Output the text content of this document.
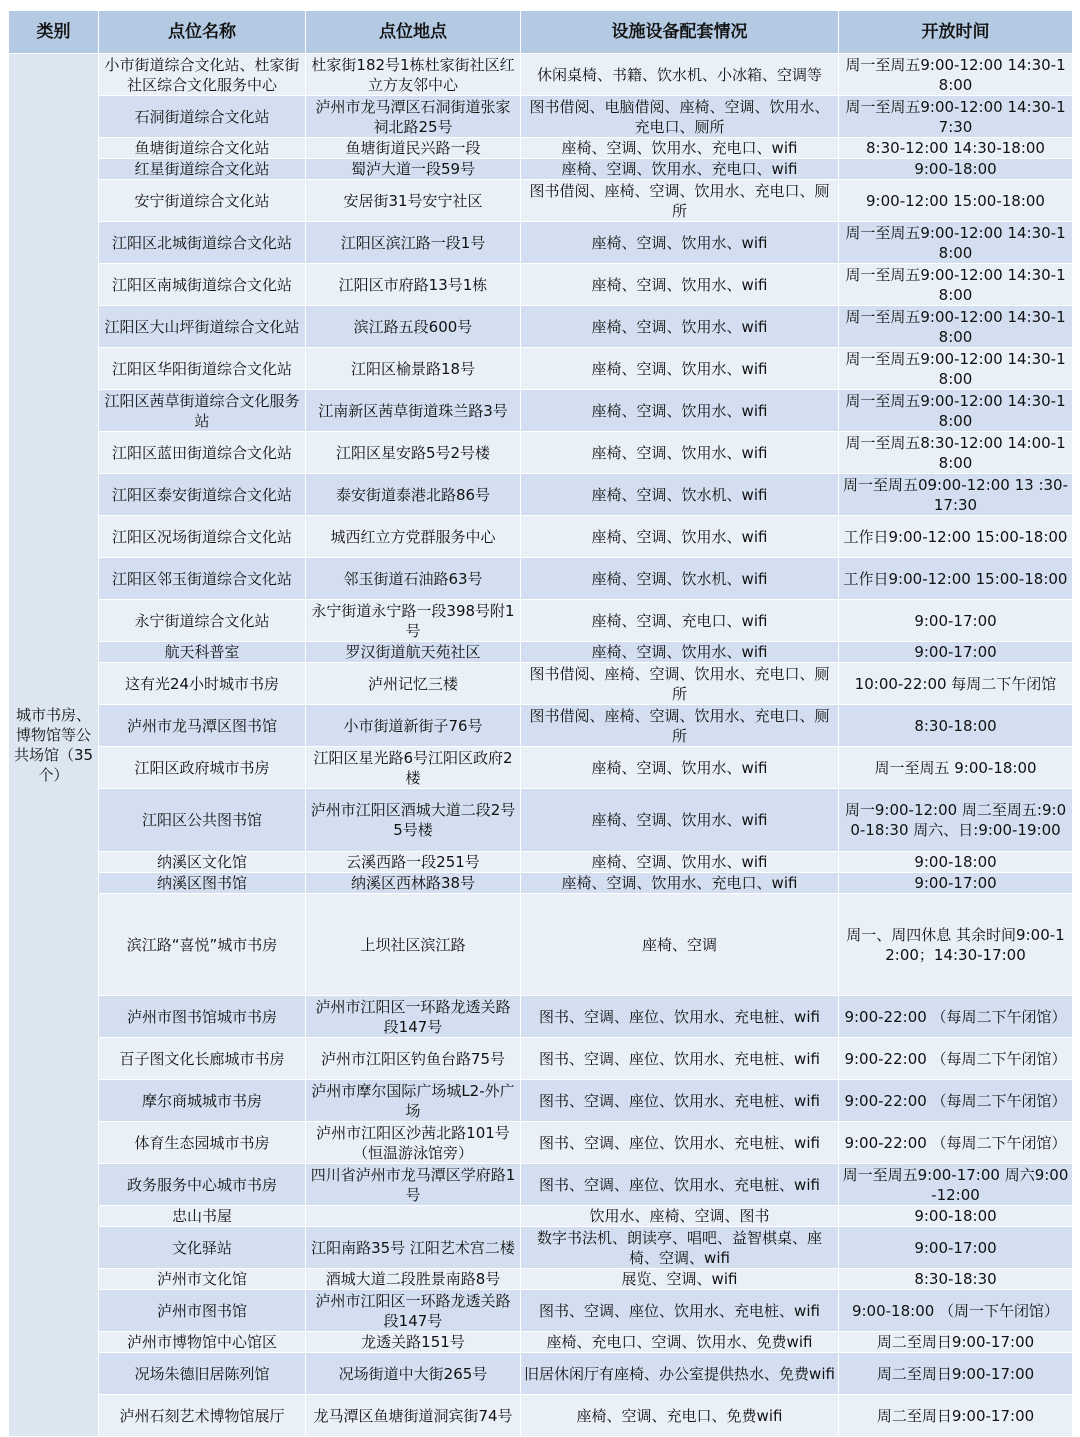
类别	点位名称	点位地点	设施设备配套情况	开放时间
城市书房、博物馆等公共场馆（35个）	小市街道综合文化站、杜家街社区综合文化服务中心	杜家街182号1栋杜家街社区红立方友邻中心	休闲桌椅、书籍、饮水机、小冰箱、空调等	周一至周五9:00-12:00 14:30-18:00
	石洞街道综合文化站	泸州市龙马潭区石洞街道张家祠北路25号	图书借阅、电脑借阅、座椅、空调、饮用水、充电口、厕所	周一至周五9:00-12:00 14:30-17:30
	鱼塘街道综合文化站	鱼塘街道民兴路一段	座椅、空调、饮用水、充电口、wifi	8:30-12:00 14:30-18:00
	红星街道综合文化站	蜀泸大道一段59号	座椅、空调、饮用水、充电口、wifi	9:00-18:00
	安宁街道综合文化站	安居街31号安宁社区	图书借阅、座椅、空调、饮用水、充电口、厕所	9:00-12:00 15:00-18:00
	江阳区北城街道综合文化站	江阳区滨江路一段1号	座椅、空调、饮用水、wifi	周一至周五9:00-12:00 14:30-18:00
	江阳区南城街道综合文化站	江阳区市府路13号1栋	座椅、空调、饮用水、wifi	周一至周五9:00-12:00 14:30-18:00
	江阳区大山坪街道综合文化站	滨江路五段600号	座椅、空调、饮用水、wifi	周一至周五9:00-12:00 14:30-18:00
	江阳区华阳街道综合文化站	江阳区榆景路18号	座椅、空调、饮用水、wifi	周一至周五9:00-12:00 14:30-18:00
	江阳区茜草街道综合文化服务站	江南新区茜草街道珠兰路3号	座椅、空调、饮用水、wifi	周一至周五9:00-12:00 14:30-18:00
	江阳区蓝田街道综合文化站	江阳区星安路5号2号楼	座椅、空调、饮用水、wifi	周一至周五8:30-12:00 14:00-18:00
	江阳区泰安街道综合文化站	泰安街道泰港北路86号	座椅、空调、饮水机、wifi	周一至周五09:00-12:00 13 :30-17:30
	江阳区况场街道综合文化站	城西红立方党群服务中心	座椅、空调、饮用水、wifi	工作日9:00-12:00 15:00-18:00
	江阳区邻玉街道综合文化站	邻玉街道石油路63号	座椅、空调、饮水机、wifi	工作日9:00-12:00 15:00-18:00
	永宁街道综合文化站	永宁街道永宁路一段398号附1号	座椅、空调、充电口、wifi	9:00-17:00
	航天科普室	罗汉街道航天苑社区	座椅、空调、饮用水、wifi	9:00-17:00
	这有光24小时城市书房	泸州记忆三楼	图书借阅、座椅、空调、饮用水、充电口、厕所	10:00-22:00 每周二下午闭馆
	泸州市龙马潭区图书馆	小市街道新街子76号	图书借阅、座椅、空调、饮用水、充电口、厕所	8:30-18:00
	江阳区政府城市书房	江阳区星光路6号江阳区政府2楼	座椅、空调、饮用水、wifi	周一至周五 9:00-18:00
	江阳区公共图书馆	泸州市江阳区酒城大道二段2号5号楼	座椅、空调、饮用水、wifi	周一9:00-12:00 周二至周五:9:00-18:30 周六、日:9:00-19:00
	纳溪区文化馆	云溪西路一段251号	座椅、空调、饮用水、wifi	9:00-18:00
	纳溪区图书馆	纳溪区西林路38号	座椅、空调、饮用水、充电口、wifi	9:00-17:00
	滨江路“喜悦”城市书房	上坝社区滨江路	座椅、空调	周一、周四休息 其余时间9:00-12:00；14:30-17:00
	泸州市图书馆城市书房	泸州市江阳区一环路龙透关路段147号	图书、空调、座位、饮用水、充电桩、wifi	9:00-22:00 （每周二下午闭馆）
	百子图文化长廊城市书房	泸州市江阳区钓鱼台路75号	图书、空调、座位、饮用水、充电桩、wifi	9:00-22:00 （每周二下午闭馆）
	摩尔商城城市书房	泸州市摩尔国际广场城L2-外广场	图书、空调、座位、饮用水、充电桩、wifi	9:00-22:00 （每周二下午闭馆）
	体育生态园城市书房	泸州市江阳区沙茜北路101号（恒温游泳馆旁）	图书、空调、座位、饮用水、充电桩、wifi	9:00-22:00 （每周二下午闭馆）
	政务服务中心城市书房	四川省泸州市龙马潭区学府路1号	图书、空调、座位、饮用水、充电桩、wifi	周一至周五9:00-17:00 周六9:00-12:00
	忠山书屋		饮用水、座椅、空调、图书	9:00-18:00
	文化驿站	江阳南路35号 江阳艺术宫二楼	数字书法机、朗读亭、唱吧、益智棋桌、座椅、空调、wifi	9:00-17:00
	泸州市文化馆	酒城大道二段胜景南路8号	展览、空调、wifi	8:30-18:30
	泸州市图书馆	泸州市江阳区一环路龙透关路段147号	图书、空调、座位、饮用水、充电桩、wifi	9:00-18:00 （周一下午闭馆）
	泸州市博物馆中心馆区	龙透关路151号	座椅、充电口、空调、饮用水、免费wifi	周二至周日9:00-17:00
	况场朱德旧居陈列馆	况场街道中大街265号	旧居休闲厅有座椅、办公室提供热水、免费wifi	周二至周日9:00-17:00
	泸州石刻艺术博物馆展厅	龙马潭区鱼塘街道洞宾街74号	座椅、空调、充电口、免费wifi	周二至周日9:00-17:00
